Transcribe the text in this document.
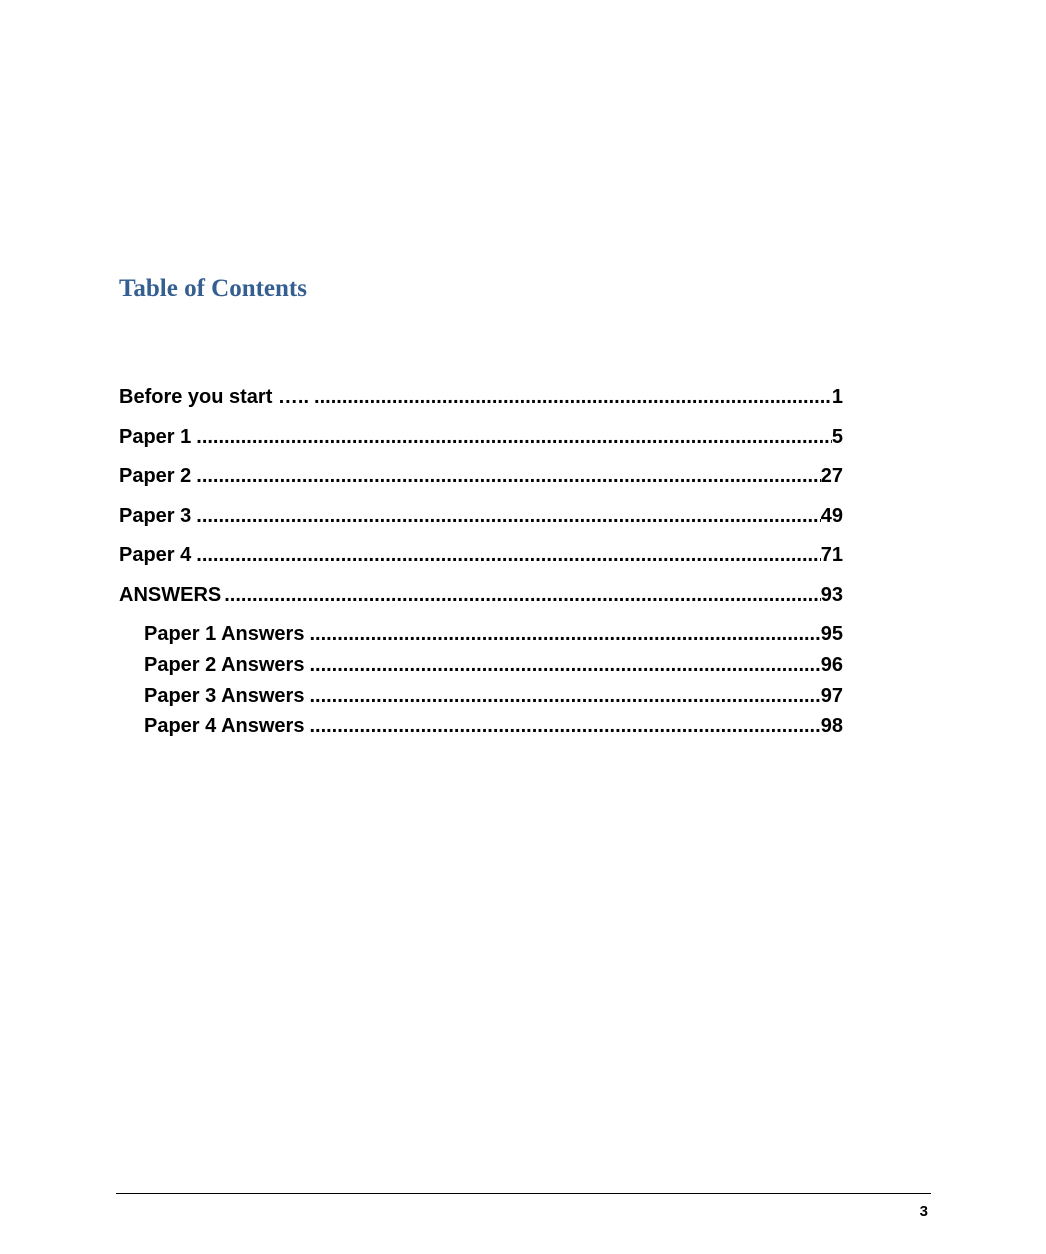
Table of Contents
Before you start ….. .....	1
Paper 1 .....	5
Paper 2 .....	27
Paper 3 .....	49
Paper 4 .....	71
ANSWERS .....	93
Paper 1 Answers .....	95
Paper 2 Answers .....	96
Paper 3 Answers .....	97
Paper 4 Answers .....	98
3
